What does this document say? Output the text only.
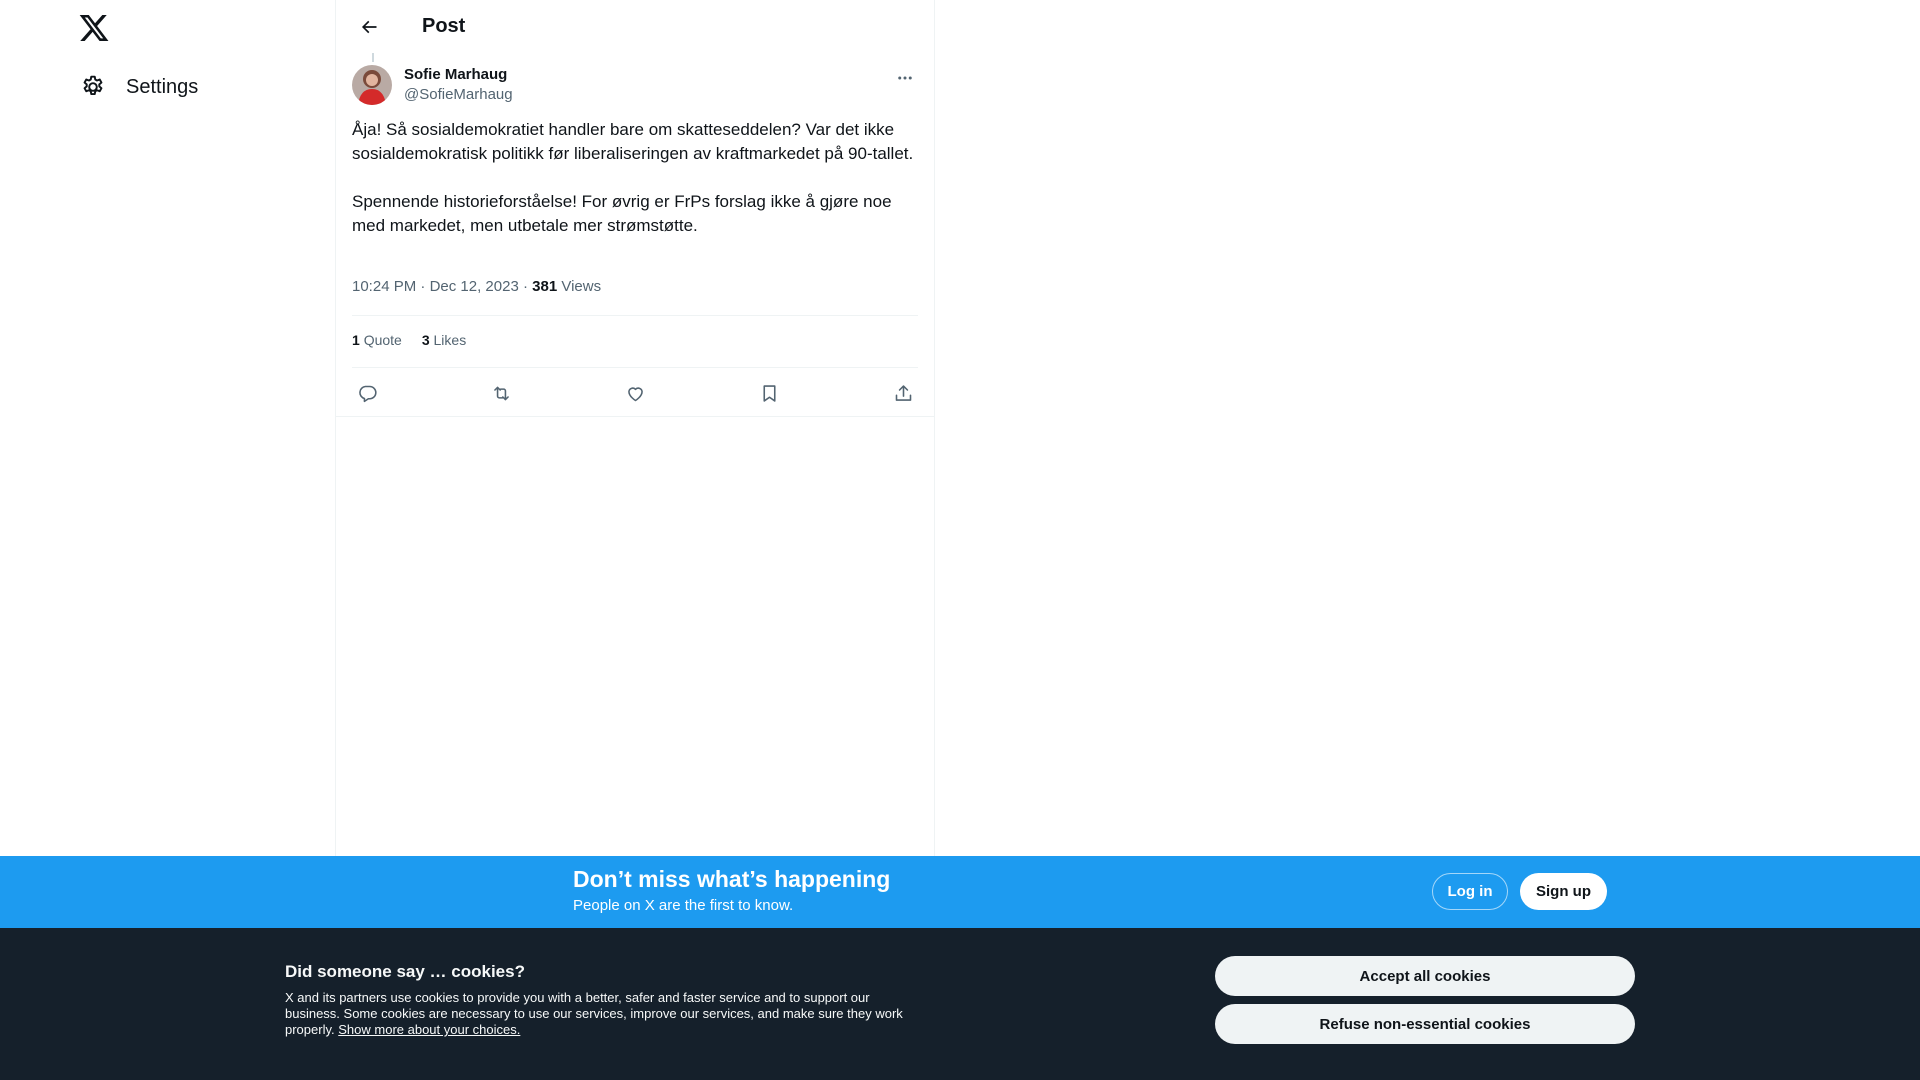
Settings
Post
Sofie Marhaug
@SofieMarhaug

Åja! Så sosialdemokratiet handler bare om skatteseddelen? Var det ikke sosialdemokratisk politikk før liberaliseringen av kraftmarkedet på 90-tallet.

Spennende historieforståelse! For øvrig er FrPs forslag ikke å gjøre noe med markedet, men utbetale mer strømstøtte.

10:24 PM · Dec 12, 2023 · 381 Views
1 Quote 3 Likes
Don’t miss what’s happening
People on X are the first to know.
Log in	Sign up
Did someone say … cookies?
X and its partners use cookies to provide you with a better, safer and faster service and to support our business. Some cookies are necessary to use our services, improve our services, and make sure they work properly. Show more about your choices.
Accept all cookies
Refuse non-essential cookies
